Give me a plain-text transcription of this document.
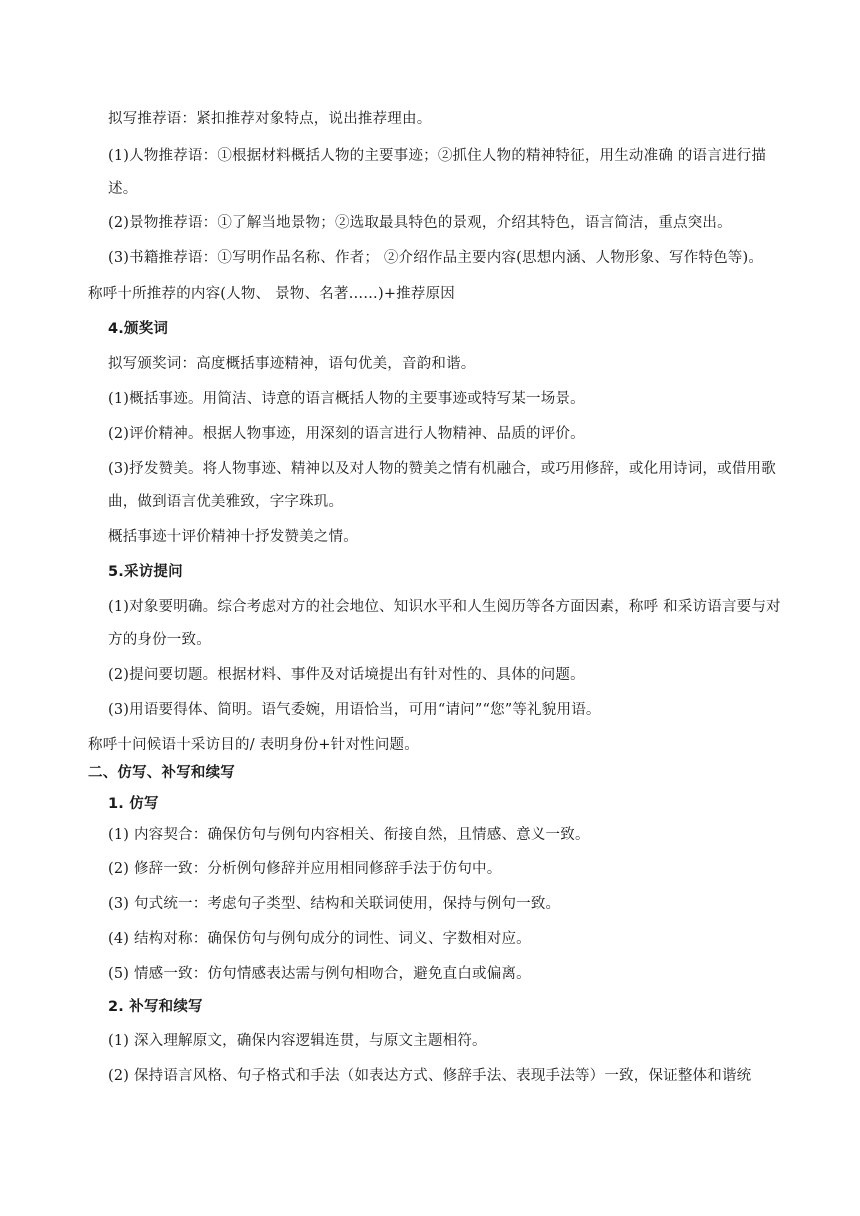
拟写推荐语：紧扣推荐对象特点，说出推荐理由。
(1)人物推荐语：①根据材料概括人物的主要事迹；②抓住人物的精神特征，用生动准确 的语言进行描述。
(2)景物推荐语：①了解当地景物；②选取最具特色的景观，介绍其特色，语言简洁，重点突出。
(3)书籍推荐语：①写明作品名称、作者； ②介绍作品主要内容(思想内涵、人物形象、写作特色等)。
称呼十所推荐的内容(人物、 景物、名著……)+推荐原因
4.颁奖词
拟写颁奖词：高度概括事迹精神，语句优美，音韵和谐。
(1)概括事迹。用简洁、诗意的语言概括人物的主要事迹或特写某一场景。
(2)评价精神。根据人物事迹，用深刻的语言进行人物精神、品质的评价。
(3)抒发赞美。将人物事迹、精神以及对人物的赞美之情有机融合，或巧用修辞，或化用诗词，或借用歌曲，做到语言优美雅致，字字珠玑。
概括事迹十评价精神十抒发赞美之情。
5.采访提问
(1)对象要明确。综合考虑对方的社会地位、知识水平和人生阅历等各方面因素，称呼 和采访语言要与对方的身份一致。
(2)提问要切题。根据材料、事件及对话境提出有针对性的、具体的问题。
(3)用语要得体、简明。语气委婉，用语恰当，可用“请问”“您”等礼貌用语。
称呼十问候语十采访目的/ 表明身份+针对性问题。
二、仿写、补写和续写
1. 仿写
(1) 内容契合：确保仿句与例句内容相关、衔接自然，且情感、意义一致。
(2) 修辞一致：分析例句修辞并应用相同修辞手法于仿句中。
(3) 句式统一：考虑句子类型、结构和关联词使用，保持与例句一致。
(4) 结构对称：确保仿句与例句成分的词性、词义、字数相对应。
(5) 情感一致：仿句情感表达需与例句相吻合，避免直白或偏离。
2. 补写和续写
(1) 深入理解原文，确保内容逻辑连贯，与原文主题相符。
(2) 保持语言风格、句子格式和手法（如表达方式、修辞手法、表现手法等）一致，保证整体和谐统
